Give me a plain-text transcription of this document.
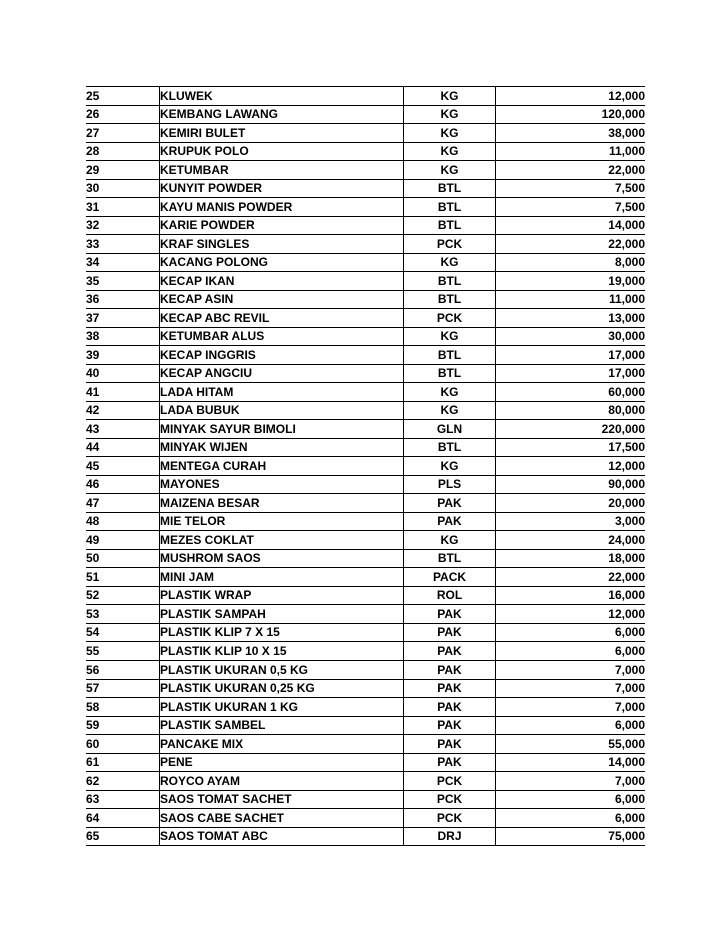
25	KLUWEK	KG	12,000
26	KEMBANG LAWANG	KG	120,000
27	KEMIRI BULET	KG	38,000
28	KRUPUK POLO	KG	11,000
29	KETUMBAR	KG	22,000
30	KUNYIT POWDER	BTL	7,500
31	KAYU MANIS POWDER	BTL	7,500
32	KARIE POWDER	BTL	14,000
33	KRAF SINGLES	PCK	22,000
34	KACANG POLONG	KG	8,000
35	KECAP IKAN	BTL	19,000
36	KECAP ASIN	BTL	11,000
37	KECAP ABC REVIL	PCK	13,000
38	KETUMBAR ALUS	KG	30,000
39	KECAP INGGRIS	BTL	17,000
40	KECAP ANGCIU	BTL	17,000
41	LADA HITAM	KG	60,000
42	LADA BUBUK	KG	80,000
43	MINYAK SAYUR BIMOLI	GLN	220,000
44	MINYAK WIJEN	BTL	17,500
45	MENTEGA CURAH	KG	12,000
46	MAYONES	PLS	90,000
47	MAIZENA BESAR	PAK	20,000
48	MIE TELOR	PAK	3,000
49	MEZES COKLAT	KG	24,000
50	MUSHROM SAOS	BTL	18,000
51	MINI JAM	PACK	22,000
52	PLASTIK WRAP	ROL	16,000
53	PLASTIK SAMPAH	PAK	12,000
54	PLASTIK KLIP 7 X 15	PAK	6,000
55	PLASTIK KLIP 10 X 15	PAK	6,000
56	PLASTIK UKURAN 0,5 KG	PAK	7,000
57	PLASTIK UKURAN 0,25 KG	PAK	7,000
58	PLASTIK UKURAN 1 KG	PAK	7,000
59	PLASTIK SAMBEL	PAK	6,000
60	PANCAKE MIX	PAK	55,000
61	PENE	PAK	14,000
62	ROYCO AYAM	PCK	7,000
63	SAOS TOMAT SACHET	PCK	6,000
64	SAOS CABE SACHET	PCK	6,000
65	SAOS TOMAT ABC	DRJ	75,000
